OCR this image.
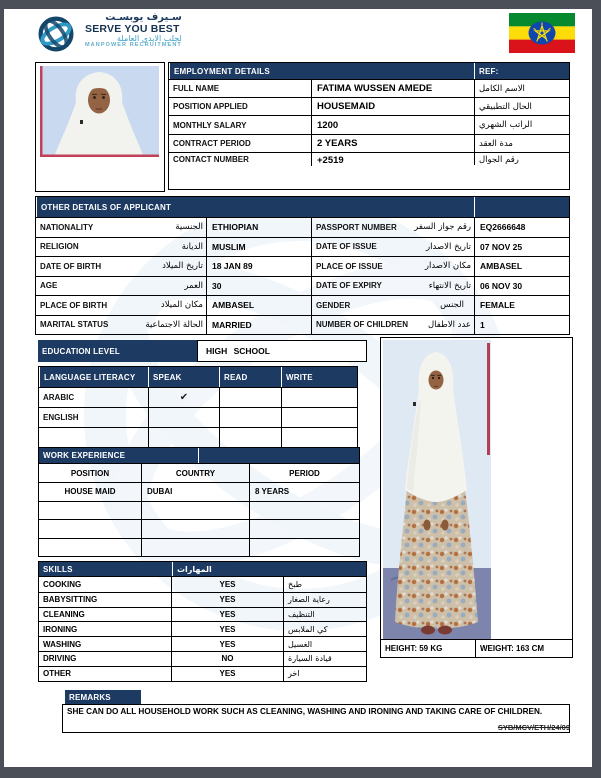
سـيرف يوبسـت
SERVE YOU BEST
لجلب الايدي العاملة
MANPOWER RECRUITMENT
EMPLOYMENT DETAILS	REF:
FULL NAME	FATIMA WUSSEN AMEDE	الاسم الكامل
POSITION APPLIED	HOUSEMAID	الحال التطبيقي
MONTHLY SALARY	1200	الراتب الشهري
CONTRACT PERIOD	2 YEARS	مدة العقد
CONTACT NUMBER	+2519	رقم الجوال
OTHER DETAILS OF APPLICANT
NATIONALITY	الجنسية	ETHIOPIAN	PASSPORT NUMBER	رقم جواز السفر	EQ2666648
RELIGION	الديانة	MUSLIM	DATE OF ISSUE	تاريخ الاصدار	07 NOV 25
DATE OF BIRTH	تاريخ الميلاد	18 JAN 89	PLACE OF ISSUE	مكان الاصدار	AMBASEL
AGE	العمر	30	DATE OF EXPIRY	تاريخ الانتهاء	06 NOV 30
PLACE OF BIRTH	مكان الميلاد	AMBASEL	GENDER	الجنس	FEMALE
MARITAL STATUS	الحالة الاجتماعية	MARRIED	NUMBER OF CHILDREN	عدد الاطفال	1
EDUCATION LEVEL	HIGH SCHOOL
LANGUAGE LITERACY	SPEAK	READ	WRITE
ARABIC	✔
ENGLISH
WORK EXPERIENCE
POSITION	COUNTRY	PERIOD
HOUSE MAID	DUBAI	8 YEARS
SKILLS	المهارات
COOKING	YES	طبخ
BABYSITTING	YES	رعاية الصغار
CLEANING	YES	التنظيف
IRONING	YES	كي الملابس
WASHING	YES	الغسيل
DRIVING	NO	قيادة السيارة
OTHER	YES	اخر
HEIGHT: 59 KG	WEIGHT: 163 CM
REMARKS
SHE CAN DO ALL HOUSEHOLD WORK SUCH AS CLEANING, WASHING AND IRONING AND TAKING CARE OF CHILDREN.
SYB/MCV/ETH/24/09
